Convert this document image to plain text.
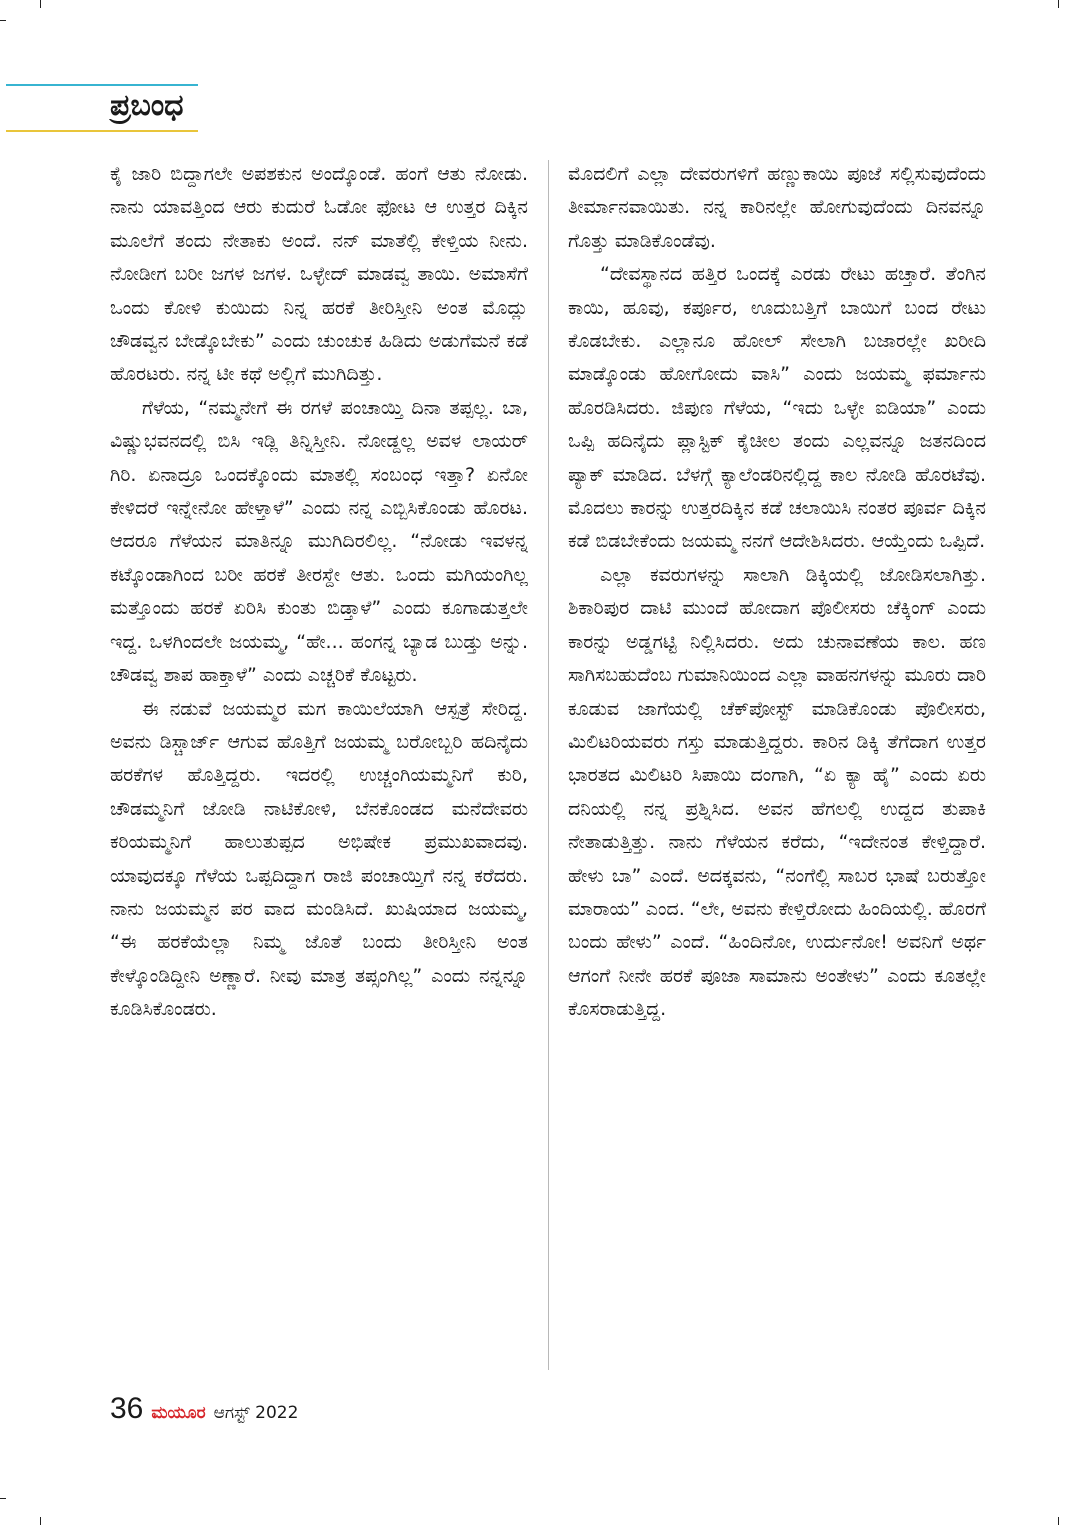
ಪ್ರಬಂಧ

ಕೈ ಜಾರಿ ಬಿದ್ದಾಗಲೇ ಅಪಶಕುನ ಅಂದ್ಕೊಂಡೆ. ಹಂಗೆ ಆತು ನೋಡು. ನಾನು ಯಾವತ್ತಿಂದ ಆರು ಕುದುರೆ ಓಡೋ ಫೋಟ ಆ ಉತ್ತರ ದಿಕ್ಕಿನ ಮೂಲೆಗೆ ತಂದು ನೇತಾಕು ಅಂದೆ. ನನ್ ಮಾತೆಲ್ಲಿ ಕೇಳ್ತಿಯ ನೀನು. ನೋಡೀಗ ಬರೀ ಜಗಳ ಜಗಳ. ಒಳ್ಳೇದ್ ಮಾಡವ್ವ ತಾಯಿ. ಅಮಾಸೆಗೆ ಒಂದು ಕೋಳಿ ಕುಯಿದು ನಿನ್ನ ಹರಕೆ ತೀರಿಸ್ತೀನಿ ಅಂತ ಮೊದ್ಲು ಚೌಡವ್ವನ ಬೇಡ್ಕೊಬೇಕು” ಎಂದು ಚುಂಚುಕ ಹಿಡಿದು ಅಡುಗೆಮನೆ ಕಡೆ ಹೊರಟರು. ನನ್ನ ಟೀ ಕಥೆ ಅಲ್ಲಿಗೆ ಮುಗಿದಿತ್ತು.

ಗೆಳೆಯ, “ನಮ್ಮನೇಗೆ ಈ ರಗಳೆ ಪಂಚಾಯ್ತಿ ದಿನಾ ತಪ್ಪಲ್ಲ. ಬಾ, ವಿಷ್ಣುಭವನದಲ್ಲಿ ಬಿಸಿ ಇಡ್ಲಿ ತಿನ್ನಿಸ್ತೀನಿ. ನೋಡ್ದಲ್ಲ ಅವಳ ಲಾಯರ್ ಗಿರಿ. ಏನಾದ್ರೂ ಒಂದಕ್ಕೊಂದು ಮಾತಲ್ಲಿ ಸಂಬಂಧ ಇತ್ತಾ? ಏನೋ ಕೇಳಿದರೆ ಇನ್ನೇನೋ ಹೇಳ್ತಾಳೆ” ಎಂದು ನನ್ನ ಎಬ್ಬಿಸಿಕೊಂಡು ಹೊರಟ. ಆದರೂ ಗೆಳೆಯನ ಮಾತಿನ್ನೂ ಮುಗಿದಿರಲಿಲ್ಲ. “ನೋಡು ಇವಳನ್ನ ಕಟ್ಕೊಂಡಾಗಿಂದ ಬರೀ ಹರಕೆ ತೀರಸ್ದೇ ಆತು. ಒಂದು ಮಗಿಯಂಗಿಲ್ಲ ಮತ್ತೊಂದು ಹರಕೆ ಏರಿಸಿ ಕುಂತು ಬಿಡ್ತಾಳೆ” ಎಂದು ಕೂಗಾಡುತ್ತಲೇ ಇದ್ದ. ಒಳಗಿಂದಲೇ ಜಯಮ್ಮ, “ಹೇ... ಹಂಗನ್ನ ಬ್ಯಾಡ ಬುಡ್ತು ಅನ್ನು. ಚೌಡವ್ವ ಶಾಪ ಹಾಕ್ತಾಳೆ” ಎಂದು ಎಚ್ಚರಿಕೆ ಕೊಟ್ಟರು.

ಈ ನಡುವೆ ಜಯಮ್ಮರ ಮಗ ಕಾಯಿಲೆಯಾಗಿ ಆಸ್ಪತ್ರೆ ಸೇರಿದ್ದ. ಅವನು ಡಿಸ್ಚಾರ್ಜ್ ಆಗುವ ಹೊತ್ತಿಗೆ ಜಯಮ್ಮ ಬರೋಬ್ಬರಿ ಹದಿನೈದು ಹರಕೆಗಳ ಹೊತ್ತಿದ್ದರು. ಇದರಲ್ಲಿ ಉಚ್ಚಂಗಿಯಮ್ಮನಿಗೆ ಕುರಿ, ಚೌಡಮ್ಮನಿಗೆ ಜೋಡಿ ನಾಟಿಕೋಳಿ, ಬೆನಕೊಂಡದ ಮನೆದೇವರು ಕರಿಯಮ್ಮನಿಗೆ ಹಾಲುತುಪ್ಪದ ಅಭಿಷೇಕ ಪ್ರಮುಖವಾದವು. ಯಾವುದಕ್ಕೂ ಗೆಳೆಯ ಒಪ್ಪದಿದ್ದಾಗ ರಾಜಿ ಪಂಚಾಯ್ತಿಗೆ ನನ್ನ ಕರೆದರು. ನಾನು ಜಯಮ್ಮನ ಪರ ವಾದ ಮಂಡಿಸಿದೆ. ಖುಷಿಯಾದ ಜಯಮ್ಮ, “ಈ ಹರಕೆಯೆಲ್ಲಾ ನಿಮ್ಮ ಜೊತೆ ಬಂದು ತೀರಿಸ್ತೀನಿ ಅಂತ ಕೇಳ್ಕೊಂಡಿದ್ದೀನಿ ಅಣ್ಣಾರೆ. ನೀವು ಮಾತ್ರ ತಪ್ಸಂಗಿಲ್ಲ” ಎಂದು ನನ್ನನ್ನೂ ಕೂಡಿಸಿಕೊಂಡರು.

ಮೊದಲಿಗೆ ಎಲ್ಲಾ ದೇವರುಗಳಿಗೆ ಹಣ್ಣುಕಾಯಿ ಪೂಜೆ ಸಲ್ಲಿಸುವುದೆಂದು ತೀರ್ಮಾನವಾಯಿತು. ನನ್ನ ಕಾರಿನಲ್ಲೇ ಹೋಗುವುದೆಂದು ದಿನವನ್ನೂ ಗೊತ್ತು ಮಾಡಿಕೊಂಡೆವು.

“ದೇವಸ್ಥಾನದ ಹತ್ತಿರ ಒಂದಕ್ಕೆ ಎರಡು ರೇಟು ಹಚ್ತಾರೆ. ತೆಂಗಿನ ಕಾಯಿ, ಹೂವು, ಕರ್ಪೂರ, ಊದುಬತ್ತಿಗೆ ಬಾಯಿಗೆ ಬಂದ ರೇಟು ಕೊಡಬೇಕು. ಎಲ್ಲಾನೂ ಹೋಲ್ ಸೇಲಾಗಿ ಬಜಾರಲ್ಲೇ ಖರೀದಿ ಮಾಡ್ಕೊಂಡು ಹೋಗೋದು ವಾಸಿ” ಎಂದು ಜಯಮ್ಮ ಫರ್ಮಾನು ಹೊರಡಿಸಿದರು. ಜಿಪುಣ ಗೆಳೆಯ, “ಇದು ಒಳ್ಳೇ ಐಡಿಯಾ” ಎಂದು ಒಪ್ಪಿ ಹದಿನೈದು ಪ್ಲಾಸ್ಟಿಕ್ ಕೈಚೀಲ ತಂದು ಎಲ್ಲವನ್ನೂ ಜತನದಿಂದ ಪ್ಯಾಕ್ ಮಾಡಿದ. ಬೆಳಗ್ಗೆ ಕ್ಯಾಲೆಂಡರಿನಲ್ಲಿದ್ದ ಕಾಲ ನೋಡಿ ಹೊರಟೆವು. ಮೊದಲು ಕಾರನ್ನು ಉತ್ತರದಿಕ್ಕಿನ ಕಡೆ ಚಲಾಯಿಸಿ ನಂತರ ಪೂರ್ವ ದಿಕ್ಕಿನ ಕಡೆ ಬಿಡಬೇಕೆಂದು ಜಯಮ್ಮ ನನಗೆ ಆದೇಶಿಸಿದರು. ಆಯ್ತೆಂದು ಒಪ್ಪಿದೆ.

ಎಲ್ಲಾ ಕವರುಗಳನ್ನು ಸಾಲಾಗಿ ಡಿಕ್ಕಿಯಲ್ಲಿ ಜೋಡಿಸಲಾಗಿತ್ತು. ಶಿಕಾರಿಪುರ ದಾಟಿ ಮುಂದೆ ಹೋದಾಗ ಪೊಲೀಸರು ಚೆಕ್ಕಿಂಗ್ ಎಂದು ಕಾರನ್ನು ಅಡ್ಡಗಟ್ಟಿ ನಿಲ್ಲಿಸಿದರು. ಅದು ಚುನಾವಣೆಯ ಕಾಲ. ಹಣ ಸಾಗಿಸಬಹುದೆಂಬ ಗುಮಾನಿಯಿಂದ ಎಲ್ಲಾ ವಾಹನಗಳನ್ನು ಮೂರು ದಾರಿ ಕೂಡುವ ಜಾಗೆಯಲ್ಲಿ ಚೆಕ್‌ಪೋಸ್ಟ್ ಮಾಡಿಕೊಂಡು ಪೊಲೀಸರು, ಮಿಲಿಟರಿಯವರು ಗಸ್ತು ಮಾಡುತ್ತಿದ್ದರು. ಕಾರಿನ ಡಿಕ್ಕಿ ತೆಗೆದಾಗ ಉತ್ತರ ಭಾರತದ ಮಿಲಿಟರಿ ಸಿಪಾಯಿ ದಂಗಾಗಿ, “ಏ ಕ್ಯಾ ಹೈ” ಎಂದು ಏರು ದನಿಯಲ್ಲಿ ನನ್ನ ಪ್ರಶ್ನಿಸಿದ. ಅವನ ಹೆಗಲಲ್ಲಿ ಉದ್ದದ ತುಪಾಕಿ ನೇತಾಡುತ್ತಿತ್ತು. ನಾನು ಗೆಳೆಯನ ಕರೆದು, “ಇದೇನಂತ ಕೇಳ್ತಿದ್ದಾರೆ. ಹೇಳು ಬಾ” ಎಂದೆ. ಅದಕ್ಕವನು, “ನಂಗೆಲ್ಲಿ ಸಾಬರ ಭಾಷೆ ಬರುತ್ತೋ ಮಾರಾಯ” ಎಂದ. “ಲೇ, ಅವನು ಕೇಳ್ತಿರೋದು ಹಿಂದಿಯಲ್ಲಿ. ಹೊರಗೆ ಬಂದು ಹೇಳು” ಎಂದೆ. “ಹಿಂದಿನೋ, ಉರ್ದುನೋ! ಅವನಿಗೆ ಅರ್ಥ ಆಗಂಗೆ ನೀನೇ ಹರಕೆ ಪೂಜಾ ಸಾಮಾನು ಅಂತೇಳು” ಎಂದು ಕೂತಲ್ಲೇ ಕೊಸರಾಡುತ್ತಿದ್ದ.

36 ಮಯೂರ ಆಗಸ್ಟ್ 2022
